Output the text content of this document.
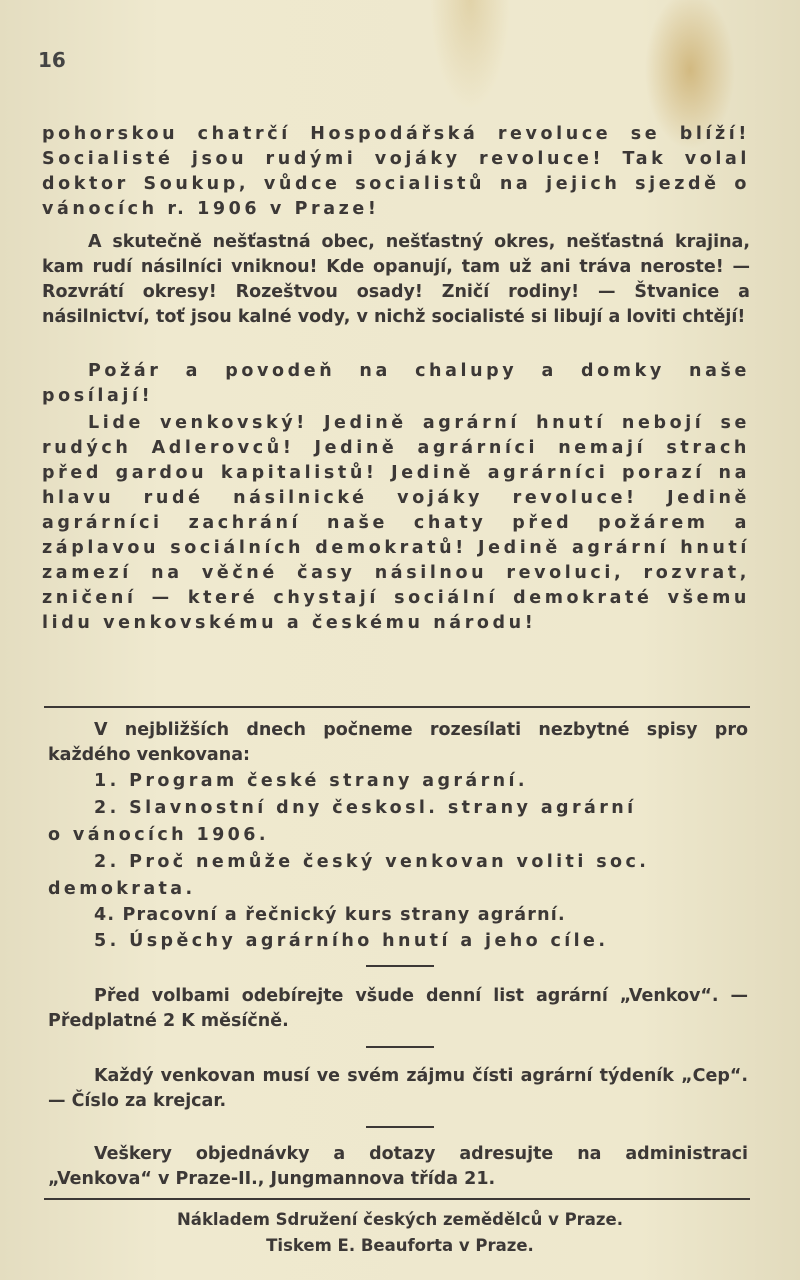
16

pohorskou chatrčí Hospodářská revoluce se blíží! Socialisté jsou rudými vojáky revoluce! Tak volal doktor Soukup, vůdce socialistů na jejich sjezdě o vánocích r. 1906 v Praze!

A skutečně nešťastná obec, nešťastný okres, nešťastná krajina, kam rudí násilníci vniknou! Kde opanují, tam už ani tráva neroste! — Rozvrátí okresy! Rozeštvou osady! Zničí rodiny! — Štvanice a násilnictví, toť jsou kalné vody, v nichž socialisté si libují a loviti chtějí!

Požár a povodeň na chalupy a domky naše posílají!

Lide venkovský! Jedině agrární hnutí nebojí se rudých Adlerovců! Jedině agrárníci nemají strach před gardou kapitalistů! Jedině agrárníci porazí na hlavu rudé násilnické vojáky revoluce! Jedině agrárníci zachrání naše chaty před požárem a záplavou sociálních demokratů! Jedině agrární hnutí zamezí na věčné časy násilnou revoluci, rozvrat, zničení — které chystají sociální demokraté všemu lidu venkovskému a českému národu!

V nejbližších dnech počneme rozesílati nezbytné spisy pro každého venkovana:

1. Program české strany agrární.
2. Slavnostní dny českosl. strany agrární
o vánocích 1906.
2. Proč nemůže český venkovan voliti soc.
demokrata.
4. Pracovní a řečnický kurs strany agrární.
5. Úspěchy agrárního hnutí a jeho cíle.

Před volbami odebírejte všude denní list agrární „Venkov“. — Předplatné 2 K měsíčně.

Každý venkovan musí ve svém zájmu čísti agrární týdeník „Cep“. — Číslo za krejcar.

Veškery objednávky a dotazy adresujte na administraci „Venkova“ v Praze-II., Jungmannova třída 21.

Nákladem Sdružení českých zemědělců v Praze.

Tiskem E. Beauforta v Praze.
